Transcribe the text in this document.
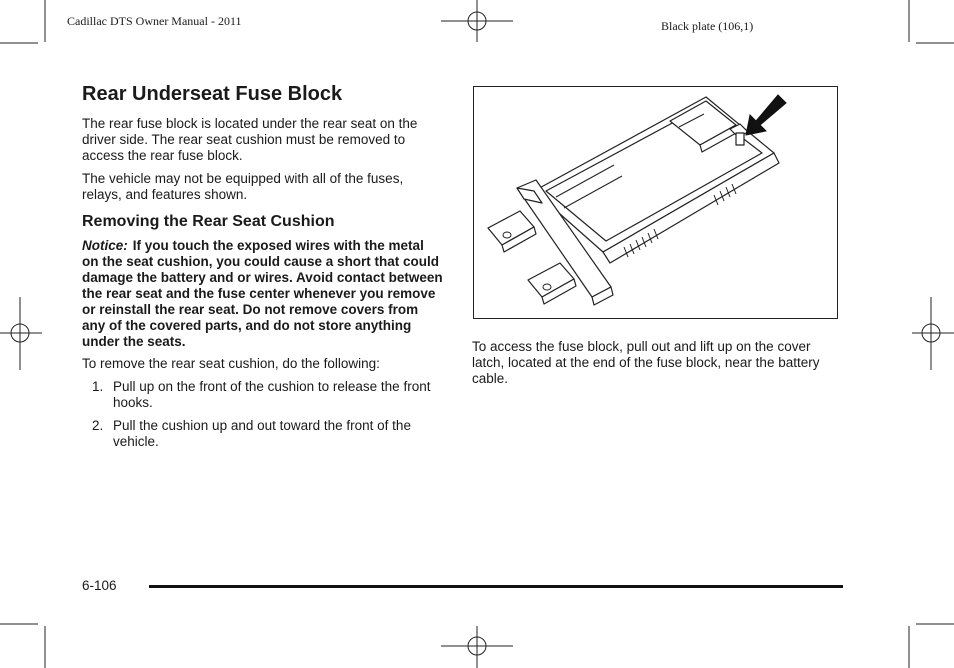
Cadillac DTS Owner Manual - 2011	Black plate (106,1)
Rear Underseat Fuse Block

The rear fuse block is located under the rear seat on the driver side. The rear seat cushion must be removed to access the rear fuse block.

The vehicle may not be equipped with all of the fuses, relays, and features shown.

Removing the Rear Seat Cushion

Notice: If you touch the exposed wires with the metal on the seat cushion, you could cause a short that could damage the battery and or wires. Avoid contact between the rear seat and the fuse center whenever you remove or reinstall the rear seat. Do not remove covers from any of the covered parts, and do not store anything under the seats.

To remove the rear seat cushion, do the following:

1. Pull up on the front of the cushion to release the front hooks.
2. Pull the cushion up and out toward the front of the vehicle.
To access the fuse block, pull out and lift up on the cover latch, located at the end of the fuse block, near the battery cable.
6-106
